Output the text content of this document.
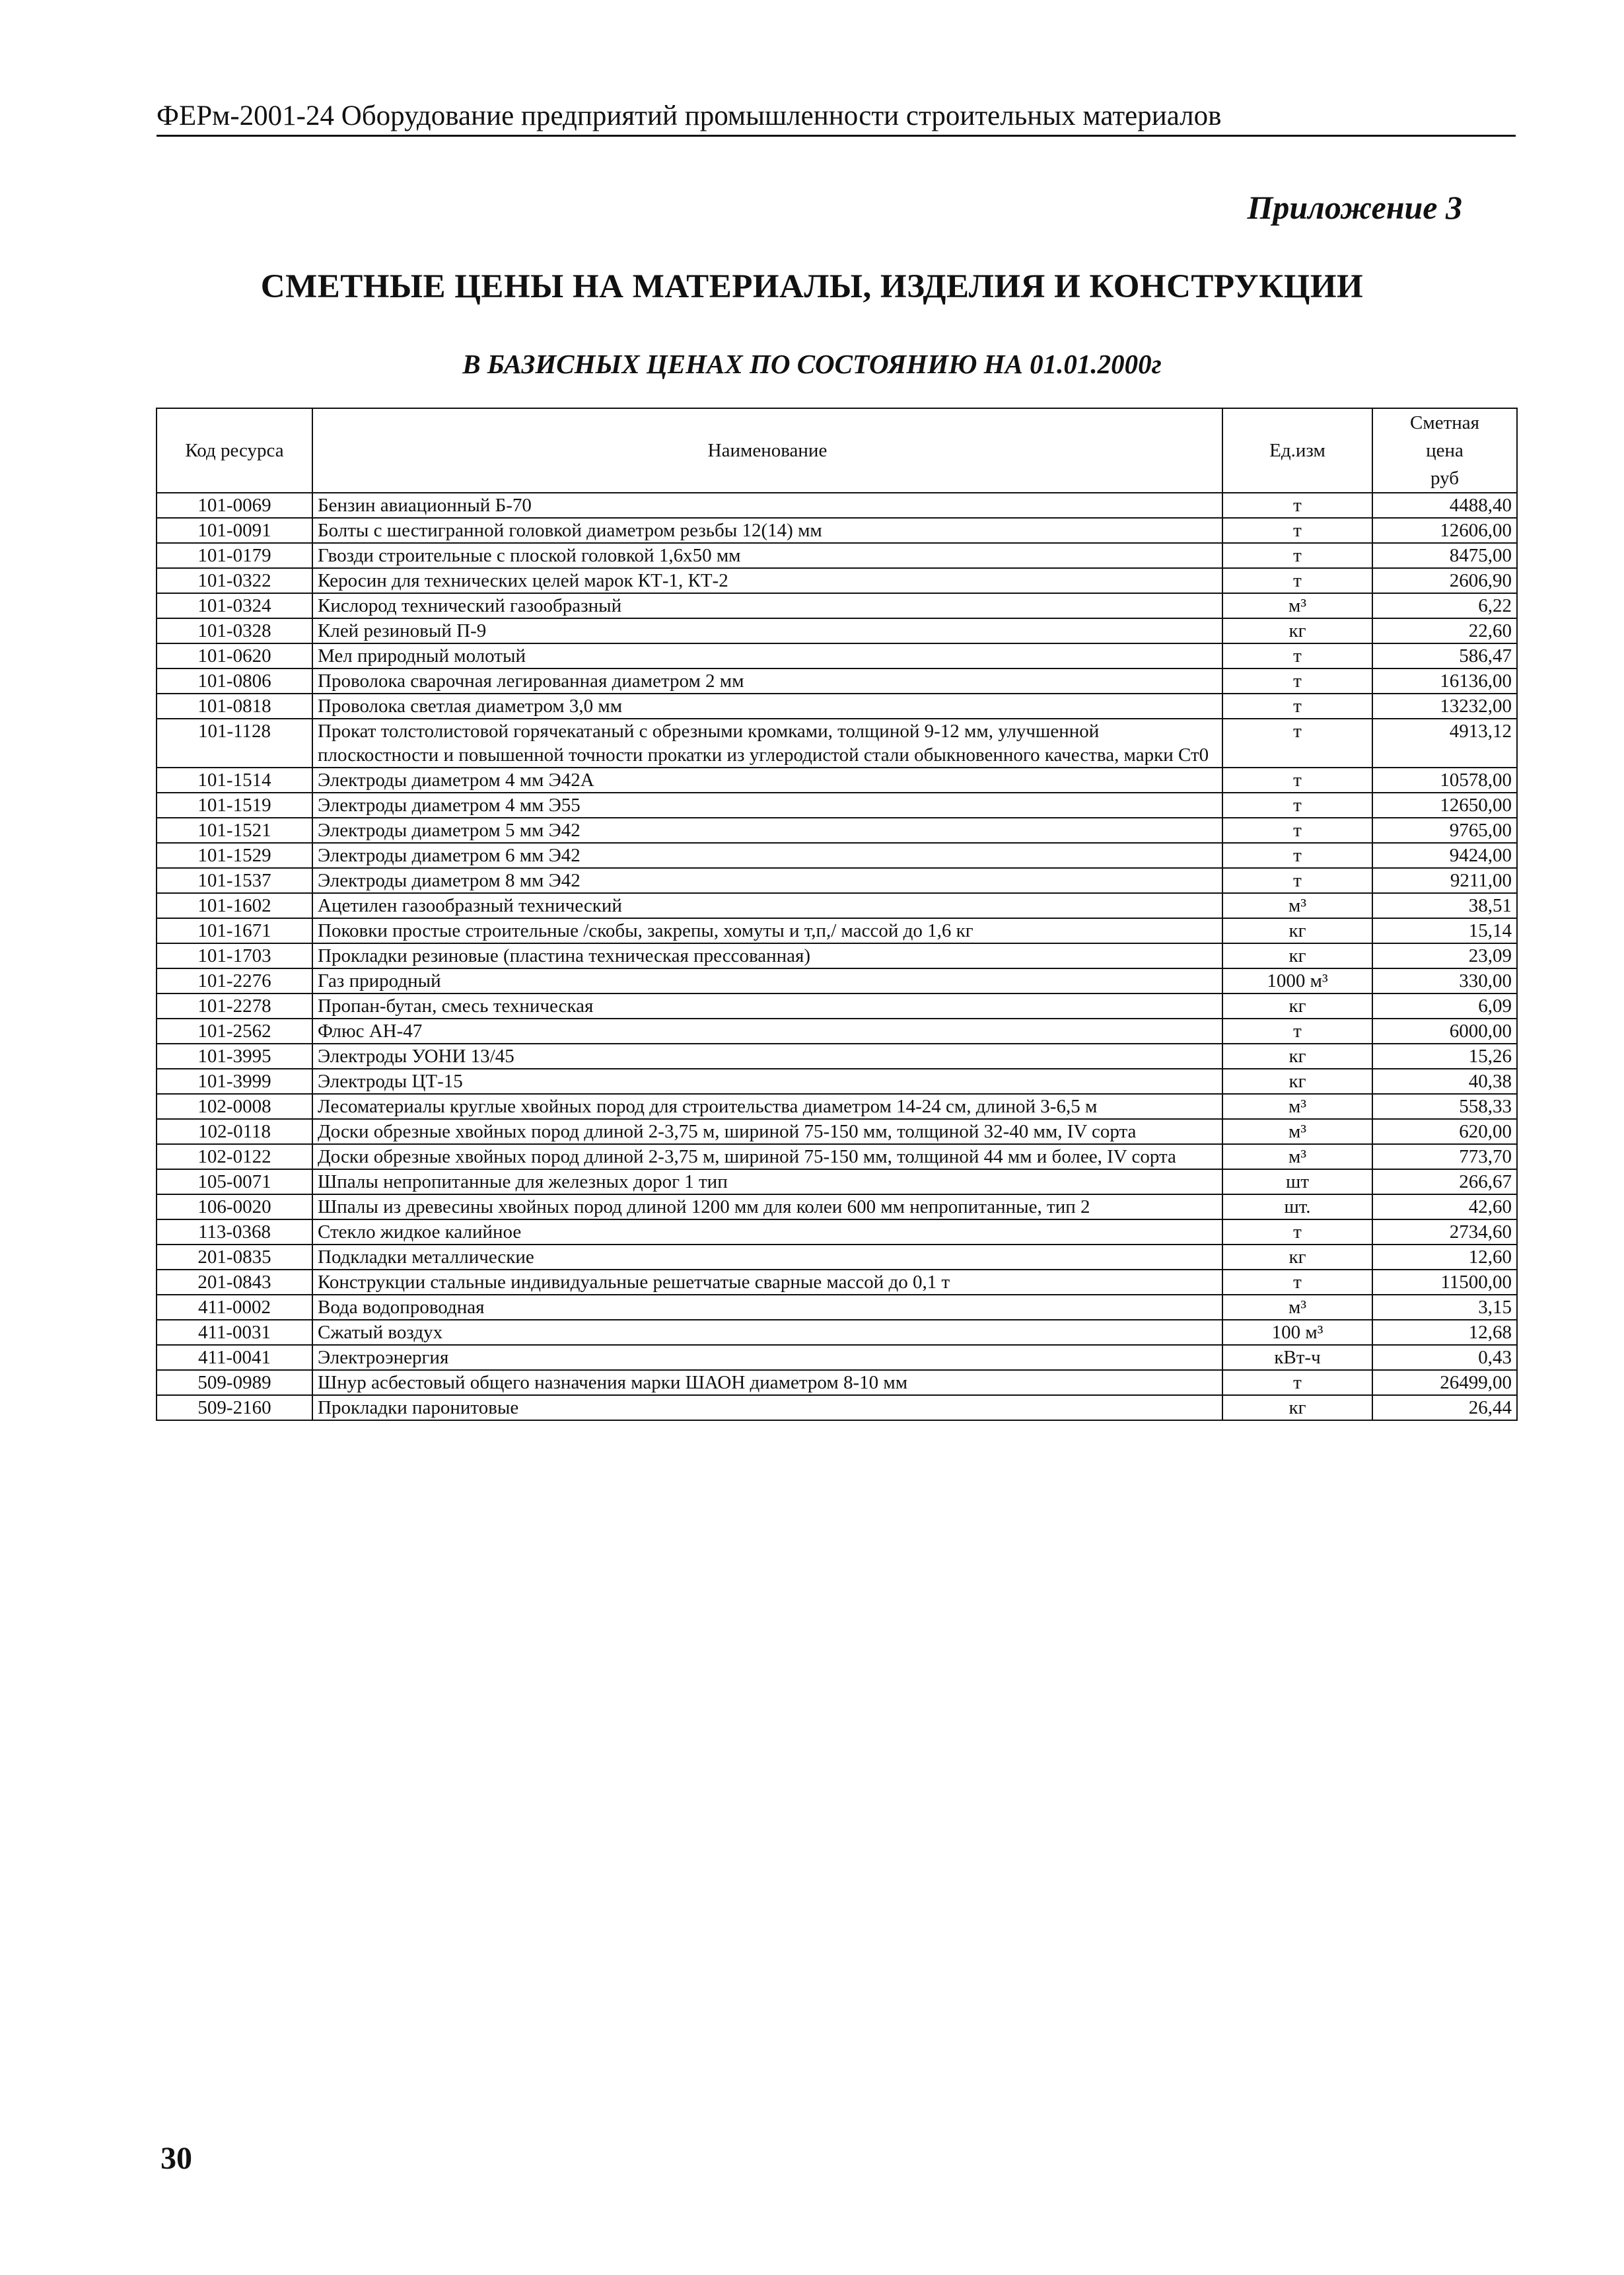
ФЕРм-2001-24 Оборудование предприятий промышленности строительных материалов
Приложение 3
СМЕТНЫЕ ЦЕНЫ НА МАТЕРИАЛЫ, ИЗДЕЛИЯ И КОНСТРУКЦИИ
В БАЗИСНЫХ ЦЕНАХ ПО СОСТОЯНИЮ НА 01.01.2000г
Код ресурса	Наименование	Ед.изм	Сметная
цена
руб
101-0069	Бензин авиационный Б-70	т	4488,40
101-0091	Болты с шестигранной головкой диаметром резьбы 12(14) мм	т	12606,00
101-0179	Гвозди строительные с плоской головкой 1,6х50 мм	т	8475,00
101-0322	Керосин для технических целей марок КТ-1, КТ-2	т	2606,90
101-0324	Кислород технический газообразный	м³	6,22
101-0328	Клей резиновый П-9	кг	22,60
101-0620	Мел природный молотый	т	586,47
101-0806	Проволока сварочная легированная диаметром 2 мм	т	16136,00
101-0818	Проволока светлая диаметром 3,0 мм	т	13232,00
101-1128	Прокат толстолистовой горячекатаный с обрезными кромками, толщиной 9-12 мм, улучшенной плоскостности и повышенной точности прокатки из углеродистой стали обыкновенного качества, марки Ст0	т	4913,12
101-1514	Электроды диаметром 4 мм Э42А	т	10578,00
101-1519	Электроды диаметром 4 мм Э55	т	12650,00
101-1521	Электроды диаметром 5 мм Э42	т	9765,00
101-1529	Электроды диаметром 6 мм Э42	т	9424,00
101-1537	Электроды диаметром 8 мм Э42	т	9211,00
101-1602	Ацетилен газообразный технический	м³	38,51
101-1671	Поковки простые строительные /скобы, закрепы, хомуты и т,п,/ массой до 1,6 кг	кг	15,14
101-1703	Прокладки резиновые (пластина техническая прессованная)	кг	23,09
101-2276	Газ природный	1000 м³	330,00
101-2278	Пропан-бутан, смесь техническая	кг	6,09
101-2562	Флюс АН-47	т	6000,00
101-3995	Электроды УОНИ 13/45	кг	15,26
101-3999	Электроды ЦТ-15	кг	40,38
102-0008	Лесоматериалы круглые хвойных пород для строительства диаметром 14-24 см, длиной 3-6,5 м	м³	558,33
102-0118	Доски обрезные хвойных пород длиной 2-3,75 м, шириной 75-150 мм, толщиной 32-40 мм, IV сорта	м³	620,00
102-0122	Доски обрезные хвойных пород длиной 2-3,75 м, шириной 75-150 мм, толщиной 44 мм и более, IV сорта	м³	773,70
105-0071	Шпалы непропитанные для железных дорог 1 тип	шт	266,67
106-0020	Шпалы из древесины хвойных пород длиной 1200 мм для колеи 600 мм непропитанные, тип 2	шт.	42,60
113-0368	Стекло жидкое калийное	т	2734,60
201-0835	Подкладки металлические	кг	12,60
201-0843	Конструкции стальные индивидуальные решетчатые сварные массой до 0,1 т	т	11500,00
411-0002	Вода водопроводная	м³	3,15
411-0031	Сжатый воздух	100 м³	12,68
411-0041	Электроэнергия	кВт-ч	0,43
509-0989	Шнур асбестовый общего назначения марки ШАОН диаметром 8-10 мм	т	26499,00
509-2160	Прокладки паронитовые	кг	26,44
30
